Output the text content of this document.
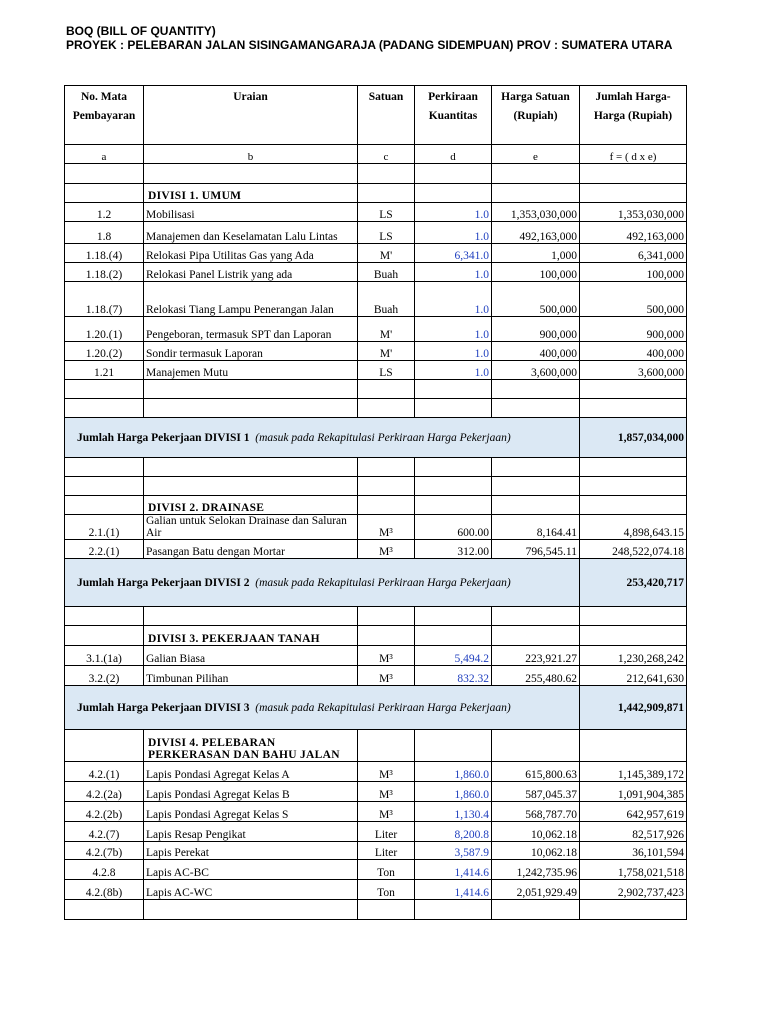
BOQ (BILL OF QUANTITY)
PROYEK : PELEBARAN JALAN SISINGAMANGARAJA (PADANG SIDEMPUAN) PROV : SUMATERA UTARA
No. Mata Pembayaran	Uraian	Satuan	Perkiraan Kuantitas	Harga Satuan (Rupiah)	Jumlah Harga-Harga (Rupiah)
a	b	c	d	e	f = ( d x e)

	DIVISI 1. UMUM				

1.2	Mobilisasi	LS	1.0	1,353,030,000	1,353,030,000
1.8	Manajemen dan Keselamatan Lalu Lintas	LS	1.0	492,163,000	492,163,000
1.18.(4)	Relokasi Pipa Utilitas Gas yang Ada	M'	6,341.0	1,000	6,341,000
1.18.(2)	Relokasi Panel Listrik yang ada	Buah	1.0	100,000	100,000
1.18.(7)	Relokasi Tiang Lampu Penerangan Jalan	Buah	1.0	500,000	500,000
1.20.(1)	Pengeboran, termasuk SPT dan Laporan	M'	1.0	900,000	900,000
1.20.(2)	Sondir termasuk Laporan	M'	1.0	400,000	400,000
1.21	Manajemen Mutu	LS	1.0	3,600,000	3,600,000

Jumlah Harga Pekerjaan DIVISI 1 (masuk pada Rekapitulasi Perkiraan Harga Pekerjaan)					1,857,034,000

	DIVISI 2. DRAINASE				

2.1.(1)	Galian untuk Selokan Drainase dan Saluran Air	M³	600.00	8,164.41	4,898,643.15
2.2.(1)	Pasangan Batu dengan Mortar	M³	312.00	796,545.11	248,522,074.18
Jumlah Harga Pekerjaan DIVISI 2 (masuk pada Rekapitulasi Perkiraan Harga Pekerjaan)					253,420,717

	DIVISI 3. PEKERJAAN TANAH				

3.1.(1a)	Galian Biasa	M³	5,494.2	223,921.27	1,230,268,242
3.2.(2)	Timbunan Pilihan	M³	832.32	255,480.62	212,641,630
Jumlah Harga Pekerjaan DIVISI 3 (masuk pada Rekapitulasi Perkiraan Harga Pekerjaan)					1,442,909,871

	DIVISI 4. PELEBARAN
PERKERASAN DAN BAHU JALAN				

4.2.(1)	Lapis Pondasi Agregat Kelas A	M³	1,860.0	615,800.63	1,145,389,172
4.2.(2a)	Lapis Pondasi Agregat Kelas B	M³	1,860.0	587,045.37	1,091,904,385
4.2.(2b)	Lapis Pondasi Agregat Kelas S	M³	1,130.4	568,787.70	642,957,619
4.2.(7)	Lapis Resap Pengikat	Liter	8,200.8	10,062.18	82,517,926
4.2.(7b)	Lapis Perekat	Liter	3,587.9	10,062.18	36,101,594
4.2.8	Lapis AC-BC	Ton	1,414.6	1,242,735.96	1,758,021,518
4.2.(8b)	Lapis AC-WC	Ton	1,414.6	2,051,929.49	2,902,737,423
